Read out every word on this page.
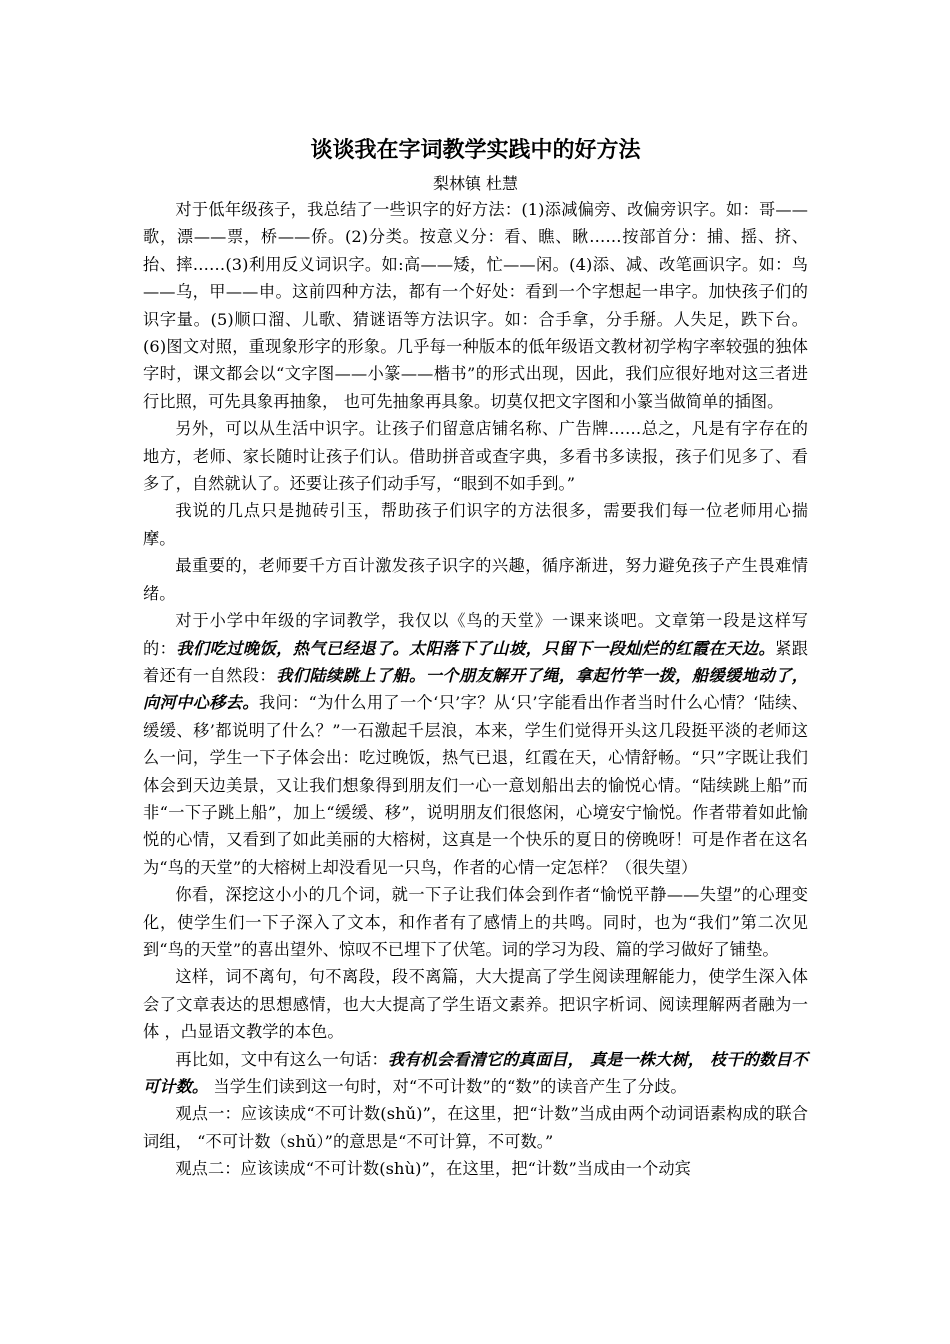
谈谈我在字词教学实践中的好方法
梨林镇 杜慧

对于低年级孩子，我总结了一些识字的好方法：(1)添减偏旁、改偏旁识字。如：哥——歌，漂——票，桥——侨。(2)分类。按意义分：看、瞧、瞅……按部首分：捕、摇、挤、抬、摔……(3)利用反义词识字。如:高——矮，忙——闲。(4)添、减、改笔画识字。如：鸟——乌，甲——申。这前四种方法，都有一个好处：看到一个字想起一串字。加快孩子们的识字量。(5)顺口溜、儿歌、猜谜语等方法识字。如：合手拿，分手掰。人失足，跌下台。(6)图文对照，重现象形字的形象。几乎每一种版本的低年级语文教材初学构字率较强的独体字时，课文都会以“文字图——小篆——楷书”的形式出现，因此，我们应很好地对这三者进行比照，可先具象再抽象， 也可先抽象再具象。切莫仅把文字图和小篆当做简单的插图。

另外，可以从生活中识字。让孩子们留意店铺名称、广告牌……总之，凡是有字存在的地方，老师、家长随时让孩子们认。借助拼音或查字典，多看书多读报，孩子们见多了、看多了，自然就认了。还要让孩子们动手写，“眼到不如手到。”

我说的几点只是抛砖引玉，帮助孩子们识字的方法很多，需要我们每一位老师用心揣摩。

最重要的，老师要千方百计激发孩子识字的兴趣，循序渐进，努力避免孩子产生畏难情绪。

对于小学中年级的字词教学，我仅以《鸟的天堂》一课来谈吧。文章第一段是这样写的：我们吃过晚饭，热气已经退了。太阳落下了山坡，只留下一段灿烂的红霞在天边。紧跟着还有一自然段：我们陆续跳上了船。一个朋友解开了绳，拿起竹竿一拨，船缓缓地动了，向河中心移去。我问：“为什么用了一个‘只’字？从‘只’字能看出作者当时什么心情？‘陆续、缓缓、移’都说明了什么？”一石激起千层浪，本来，学生们觉得开头这几段挺平淡的老师这么一问，学生一下子体会出：吃过晚饭，热气已退，红霞在天，心情舒畅。“只”字既让我们体会到天边美景，又让我们想象得到朋友们一心一意划船出去的愉悦心情。“陆续跳上船”而非“一下子跳上船”，加上“缓缓、移”，说明朋友们很悠闲，心境安宁愉悦。作者带着如此愉悦的心情，又看到了如此美丽的大榕树，这真是一个快乐的夏日的傍晚呀！可是作者在这名为“鸟的天堂”的大榕树上却没看见一只鸟，作者的心情一定怎样？（很失望）

你看，深挖这小小的几个词，就一下子让我们体会到作者“愉悦平静——失望”的心理变化，使学生们一下子深入了文本，和作者有了感情上的共鸣。同时，也为“我们”第二次见到“鸟的天堂”的喜出望外、惊叹不已埋下了伏笔。词的学习为段、篇的学习做好了铺垫。

这样，词不离句，句不离段，段不离篇，大大提高了学生阅读理解能力，使学生深入体会了文章表达的思想感情，也大大提高了学生语文素养。把识字析词、阅读理解两者融为一体 ，凸显语文教学的本色。

再比如，文中有这么一句话：我有机会看清它的真面目， 真是一株大树， 枝干的数目不可计数。 当学生们读到这一句时，对“不可计数”的“数”的读音产生了分歧。

观点一：应该读成“不可计数(shǔ)”，在这里，把“计数”当成由两个动词语素构成的联合词组， “不可计数（shǔ）”的意思是“不可计算，不可数。”

观点二：应该读成“不可计数(shù)”，在这里，把“计数”当成由一个动宾
